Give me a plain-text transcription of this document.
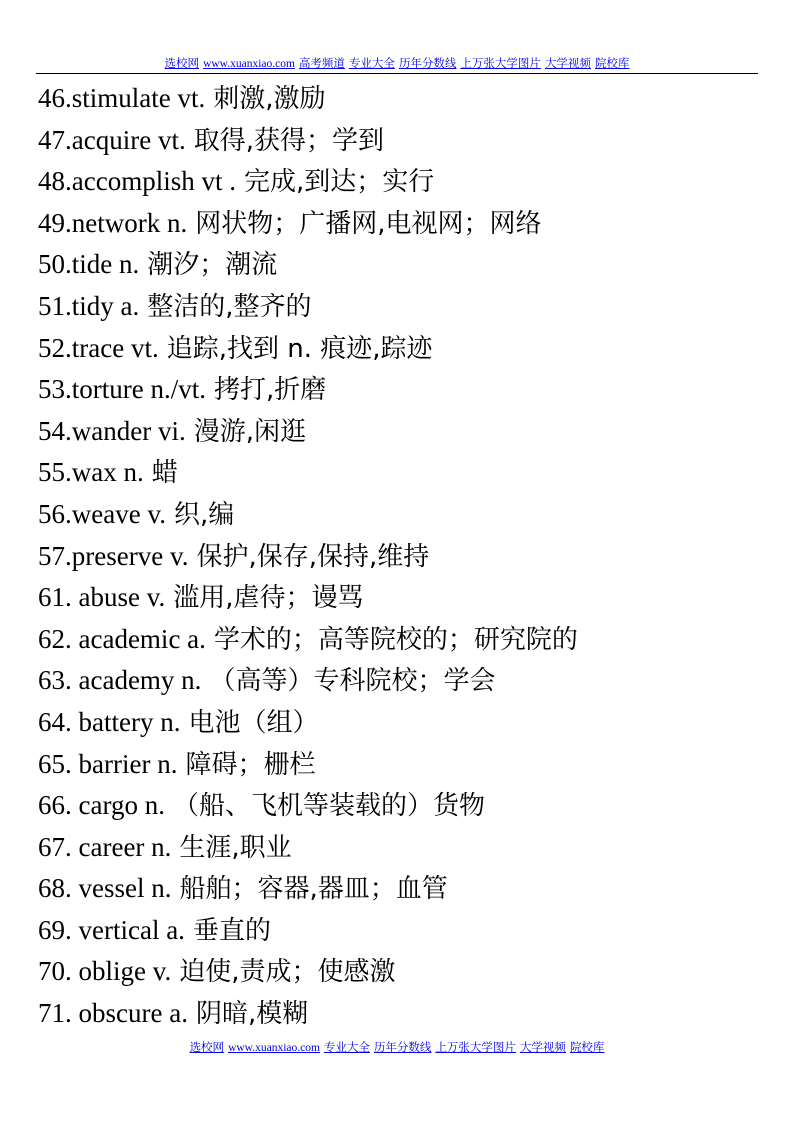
选校网 www.xuanxiao.com 高考频道 专业大全 历年分数线 上万张大学图片 大学视频 院校库
46.stimulate vt. 刺激,激励
47.acquire vt. 取得,获得；学到
48.accomplish vt . 完成,到达；实行
49.network n. 网状物；广播网,电视网；网络
50.tide n. 潮汐；潮流
51.tidy a. 整洁的,整齐的
52.trace vt. 追踪,找到 n. 痕迹,踪迹
53.torture n./vt. 拷打,折磨
54.wander vi. 漫游,闲逛
55.wax n. 蜡
56.weave v. 织,编
57.preserve v. 保护,保存,保持,维持
61. abuse v. 滥用,虐待；谩骂
62. academic a. 学术的；高等院校的；研究院的
63. academy n. （高等）专科院校；学会
64. battery n. 电池（组）
65. barrier n. 障碍；栅栏
66. cargo n. （船、飞机等装载的）货物
67. career n. 生涯,职业
68. vessel n. 船舶；容器,器皿；血管
69. vertical a. 垂直的
70. oblige v. 迫使,责成；使感激
71. obscure a. 阴暗,模糊
选校网 www.xuanxiao.com 专业大全 历年分数线 上万张大学图片 大学视频 院校库
